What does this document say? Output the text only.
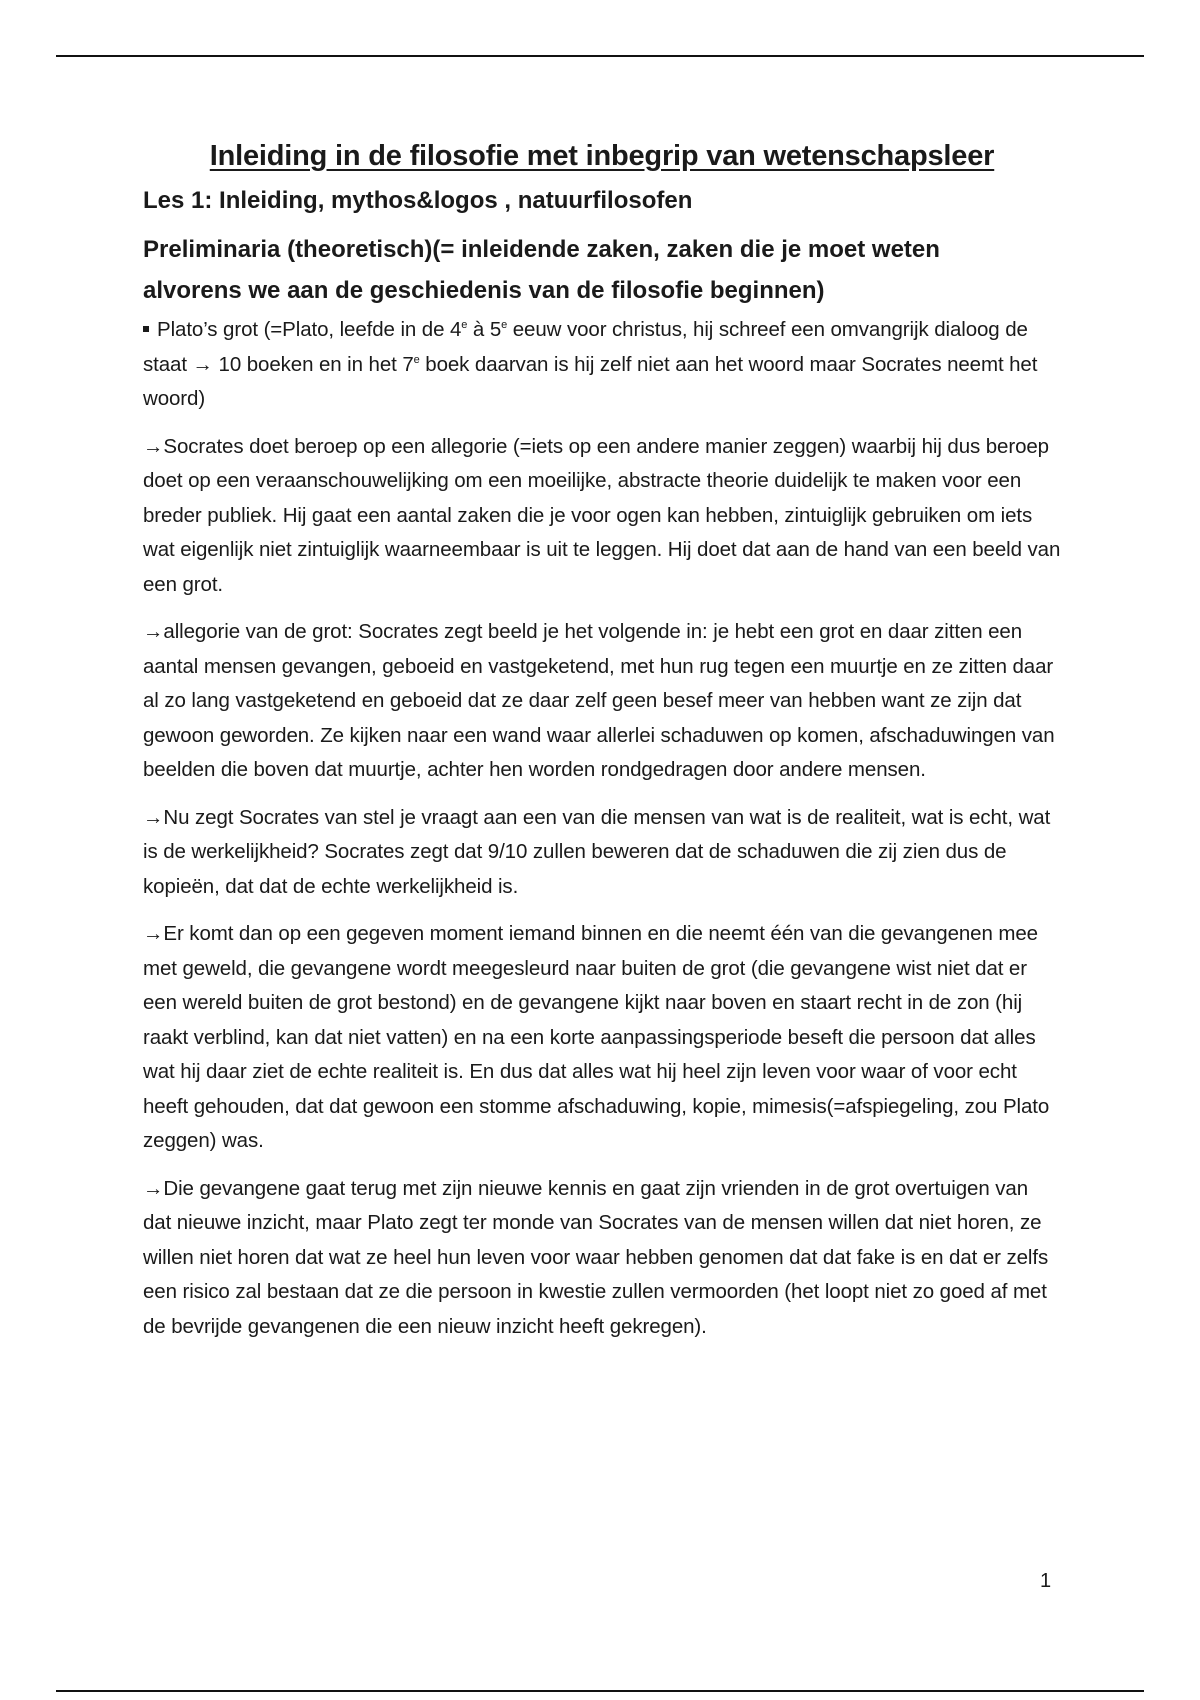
Inleiding in de filosofie met inbegrip van wetenschapsleer
Les 1: Inleiding, mythos&logos , natuurfilosofen
Preliminaria (theoretisch)(= inleidende zaken, zaken die je moet weten
alvorens we aan de geschiedenis van de filosofie beginnen)

Plato’s grot (=Plato, leefde in de 4e à 5e eeuw voor christus, hij schreef een omvangrijk dialoog de staat → 10 boeken en in het 7e boek daarvan is hij zelf niet aan het woord maar Socrates neemt het woord)

→Socrates doet beroep op een allegorie (=iets op een andere manier zeggen) waarbij hij dus beroep doet op een veraanschouwelijking om een moeilijke, abstracte theorie duidelijk te maken voor een breder publiek. Hij gaat een aantal zaken die je voor ogen kan hebben, zintuiglijk gebruiken om iets wat eigenlijk niet zintuiglijk waarneembaar is uit te leggen. Hij doet dat aan de hand van een beeld van een grot.

→allegorie van de grot: Socrates zegt beeld je het volgende in: je hebt een grot en daar zitten een aantal mensen gevangen, geboeid en vastgeketend, met hun rug tegen een muurtje en ze zitten daar al zo lang vastgeketend en geboeid dat ze daar zelf geen besef meer van hebben want ze zijn dat gewoon geworden. Ze kijken naar een wand waar allerlei schaduwen op komen, afschaduwingen van beelden die boven dat muurtje, achter hen worden rondgedragen door andere mensen.

→Nu zegt Socrates van stel je vraagt aan een van die mensen van wat is de realiteit, wat is echt, wat is de werkelijkheid? Socrates zegt dat 9/10 zullen beweren dat de schaduwen die zij zien dus de kopieën, dat dat de echte werkelijkheid is.

→Er komt dan op een gegeven moment iemand binnen en die neemt één van die gevangenen mee met geweld, die gevangene wordt meegesleurd naar buiten de grot (die gevangene wist niet dat er een wereld buiten de grot bestond) en de gevangene kijkt naar boven en staart recht in de zon (hij raakt verblind, kan dat niet vatten) en na een korte aanpassingsperiode beseft die persoon dat alles wat hij daar ziet de echte realiteit is. En dus dat alles wat hij heel zijn leven voor waar of voor echt heeft gehouden, dat dat gewoon een stomme afschaduwing, kopie, mimesis(=afspiegeling, zou Plato zeggen) was.

→Die gevangene gaat terug met zijn nieuwe kennis en gaat zijn vrienden in de grot overtuigen van dat nieuwe inzicht, maar Plato zegt ter monde van Socrates van de mensen willen dat niet horen, ze willen niet horen dat wat ze heel hun leven voor waar hebben genomen dat dat fake is en dat er zelfs een risico zal bestaan dat ze die persoon in kwestie zullen vermoorden (het loopt niet zo goed af met de bevrijde gevangenen die een nieuw inzicht heeft gekregen).

1
